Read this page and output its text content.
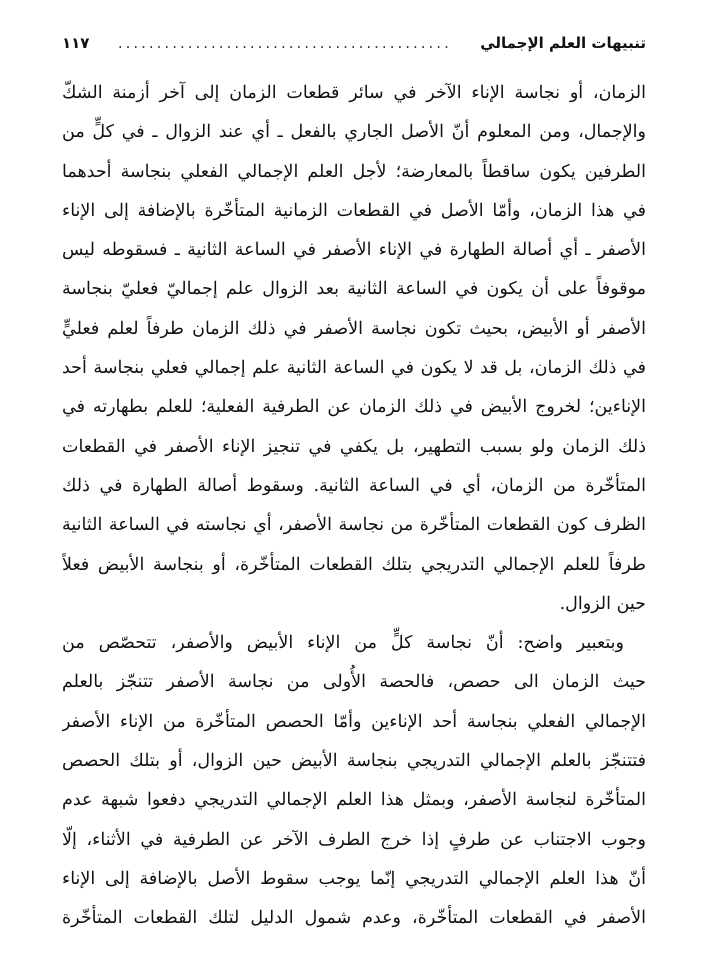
تنبيهات العلم الإجمالي
...........................................
١١٧
الزمان، أو نجاسة الإناء الآخر في سائر قطعات الزمان إلى آخر أزمنة الشكّ
والإجمال، ومن المعلوم أنّ الأصل الجاري بالفعل ـ أي عند الزوال ـ في كلٍّ من
الطرفين يكون ساقطاً بالمعارضة؛ لأجل العلم الإجمالي الفعلي بنجاسة أحدهما
في هذا الزمان، وأمّا الأصل في القطعات الزمانية المتأخّرة بالإضافة إلى الإناء
الأصفر ـ أي أصالة الطهارة في الإناء الأصفر في الساعة الثانية ـ فسقوطه ليس
موقوفاً على أن يكون في الساعة الثانية بعد الزوال علم إجماليّ فعليّ بنجاسة
الأصفر أو الأبيض، بحيث تكون نجاسة الأصفر في ذلك الزمان طرفاً لعلم فعليٍّ
في ذلك الزمان، بل قد لا يكون في الساعة الثانية علم إجمالي فعلي بنجاسة أحد
الإناءين؛ لخروج الأبيض في ذلك الزمان عن الطرفية الفعلية؛ للعلم بطهارته في
ذلك الزمان ولو بسبب التطهير، بل يكفي في تنجيز الإناء الأصفر في القطعات
المتأخّرة من الزمان، أي في الساعة الثانية. وسقوط أصالة الطهارة في ذلك
الظرف كون القطعات المتأخّرة من نجاسة الأصفر، أي نجاسته في الساعة الثانية
طرفاً للعلم الإجمالي التدريجي بتلك القطعات المتأخّرة، أو بنجاسة الأبيض فعلاً
حين الزوال.
وبتعبير واضح: أنّ نجاسة كلٍّ من الإناء الأبيض والأصفر، تتحصّص من
حيث الزمان الى حصص، فالحصة الأُولى من نجاسة الأصفر تتنجّز بالعلم
الإجمالي الفعلي بنجاسة أحد الإناءين وأمّا الحصص المتأخّرة من الإناء الأصفر
فتتنجّز بالعلم الإجمالي التدريجي بنجاسة الأبيض حين الزوال، أو بتلك الحصص
المتأخّرة لنجاسة الأصفر، وبمثل هذا العلم الإجمالي التدريجي دفعوا شبهة عدم
وجوب الاجتناب عن طرفٍ إذا خرج الطرف الآخر عن الطرفية في الأثناء، إلّا
أنّ هذا العلم الإجمالي التدريجي إنّما يوجب سقوط الأصل بالإضافة إلى الإناء
الأصفر في القطعات المتأخّرة، وعدم شمول الدليل لتلك القطعات المتأخّرة
